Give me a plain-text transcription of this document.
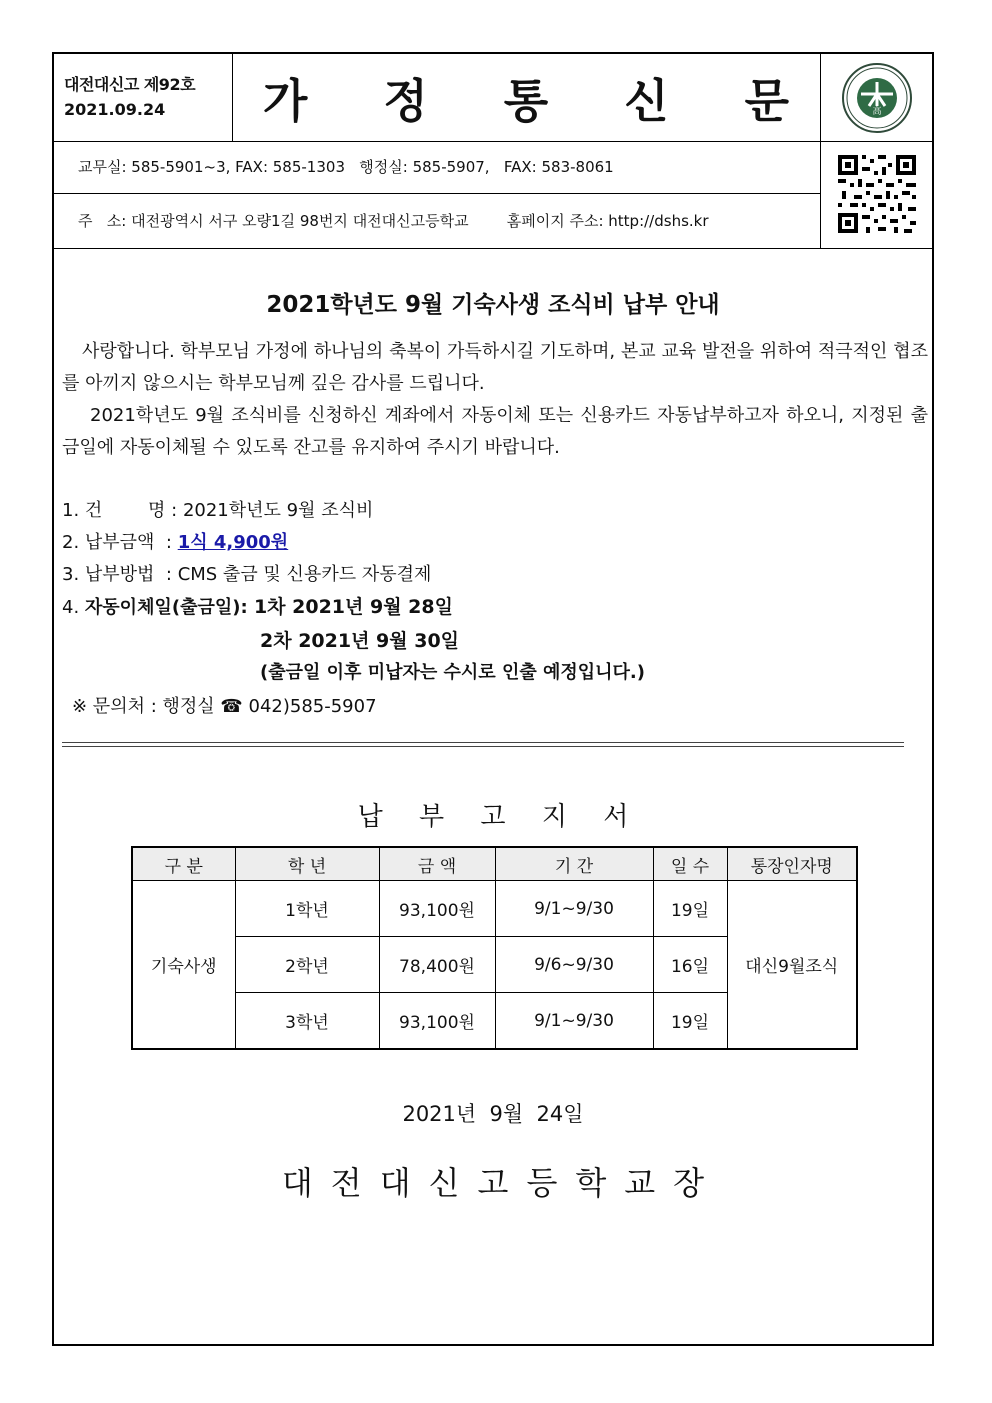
대전대신고 제92호
2021.09.24	가 정 통 신 문	高
교무실: 585-5901~3, FAX: 585-1303   행정실: 585-5907,   FAX: 583-8061
주   소: 대전광역시 서구 오량1길 98번지 대전대신고등학교        홈페이지 주소: http://dshs.kr
2021학년도 9월 기숙사생 조식비 납부 안내
사랑합니다. 학부모님 가정에 하나님의 축복이 가득하시길 기도하며, 본교 교육 발전을 위하여 적극적인 협조를 아끼지 않으시는 학부모님께 깊은 감사를 드립니다.
2021학년도 9월 조식비를 신청하신 계좌에서 자동이체 또는 신용카드 자동납부하고자 하오니, 지정된 출금일에 자동이체될 수 있도록 잔고를 유지하여 주시기 바랍니다.
1. 건        명 : 2021학년도 9월 조식비
2. 납부금액  : 1식 4,900원
3. 납부방법  : CMS 출금 및 신용카드 자동결제
4. 자동이체일(출금일): 1차 2021년 9월 28일
2차 2021년 9월 30일
(출금일 이후 미납자는 수시로 인출 예정입니다.)
※ 문의처 : 행정실 ☎ 042)585-5907
납 부 고 지 서
구 분	학 년	금 액	기 간	일 수	통장인자명
기숙사생	1학년	93,100원	9/1~9/30	19일	대신9월조식
	2학년	78,400원	9/6~9/30	16일	
	3학년	93,100원	9/1~9/30	19일	
2021년  9월  24일
대전대신고등학교장
